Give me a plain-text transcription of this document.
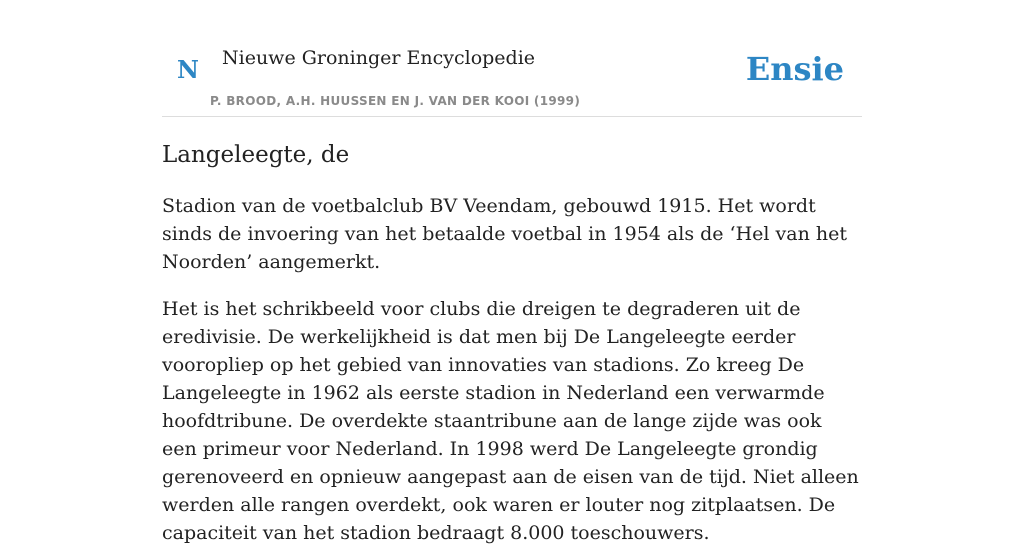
N Nieuwe Groninger Encyclopedie
P. BROOD, A.H. HUUSSEN EN J. VAN DER KOOI (1999)
Ensie
Langeleegte, de

Stadion van de voetbalclub BV Veendam, gebouwd 1915. Het wordt sinds de invoering van het betaalde voetbal in 1954 als de ‘Hel van het Noorden’ aangemerkt.

Het is het schrikbeeld voor clubs die dreigen te degraderen uit de eredivisie. De werkelijkheid is dat men bij De Langeleegte eerder vooropliep op het gebied van innovaties van stadions. Zo kreeg De Langeleegte in 1962 als eerste stadion in Nederland een verwarmde hoofdtribune. De overdekte staantribune aan de lange zijde was ook een primeur voor Nederland. In 1998 werd De Langeleegte grondig gerenoveerd en opnieuw aangepast aan de eisen van de tijd. Niet alleen werden alle rangen overdekt, ook waren er louter nog zitplaatsen. De capaciteit van het stadion bedraagt 8.000 toeschouwers.
